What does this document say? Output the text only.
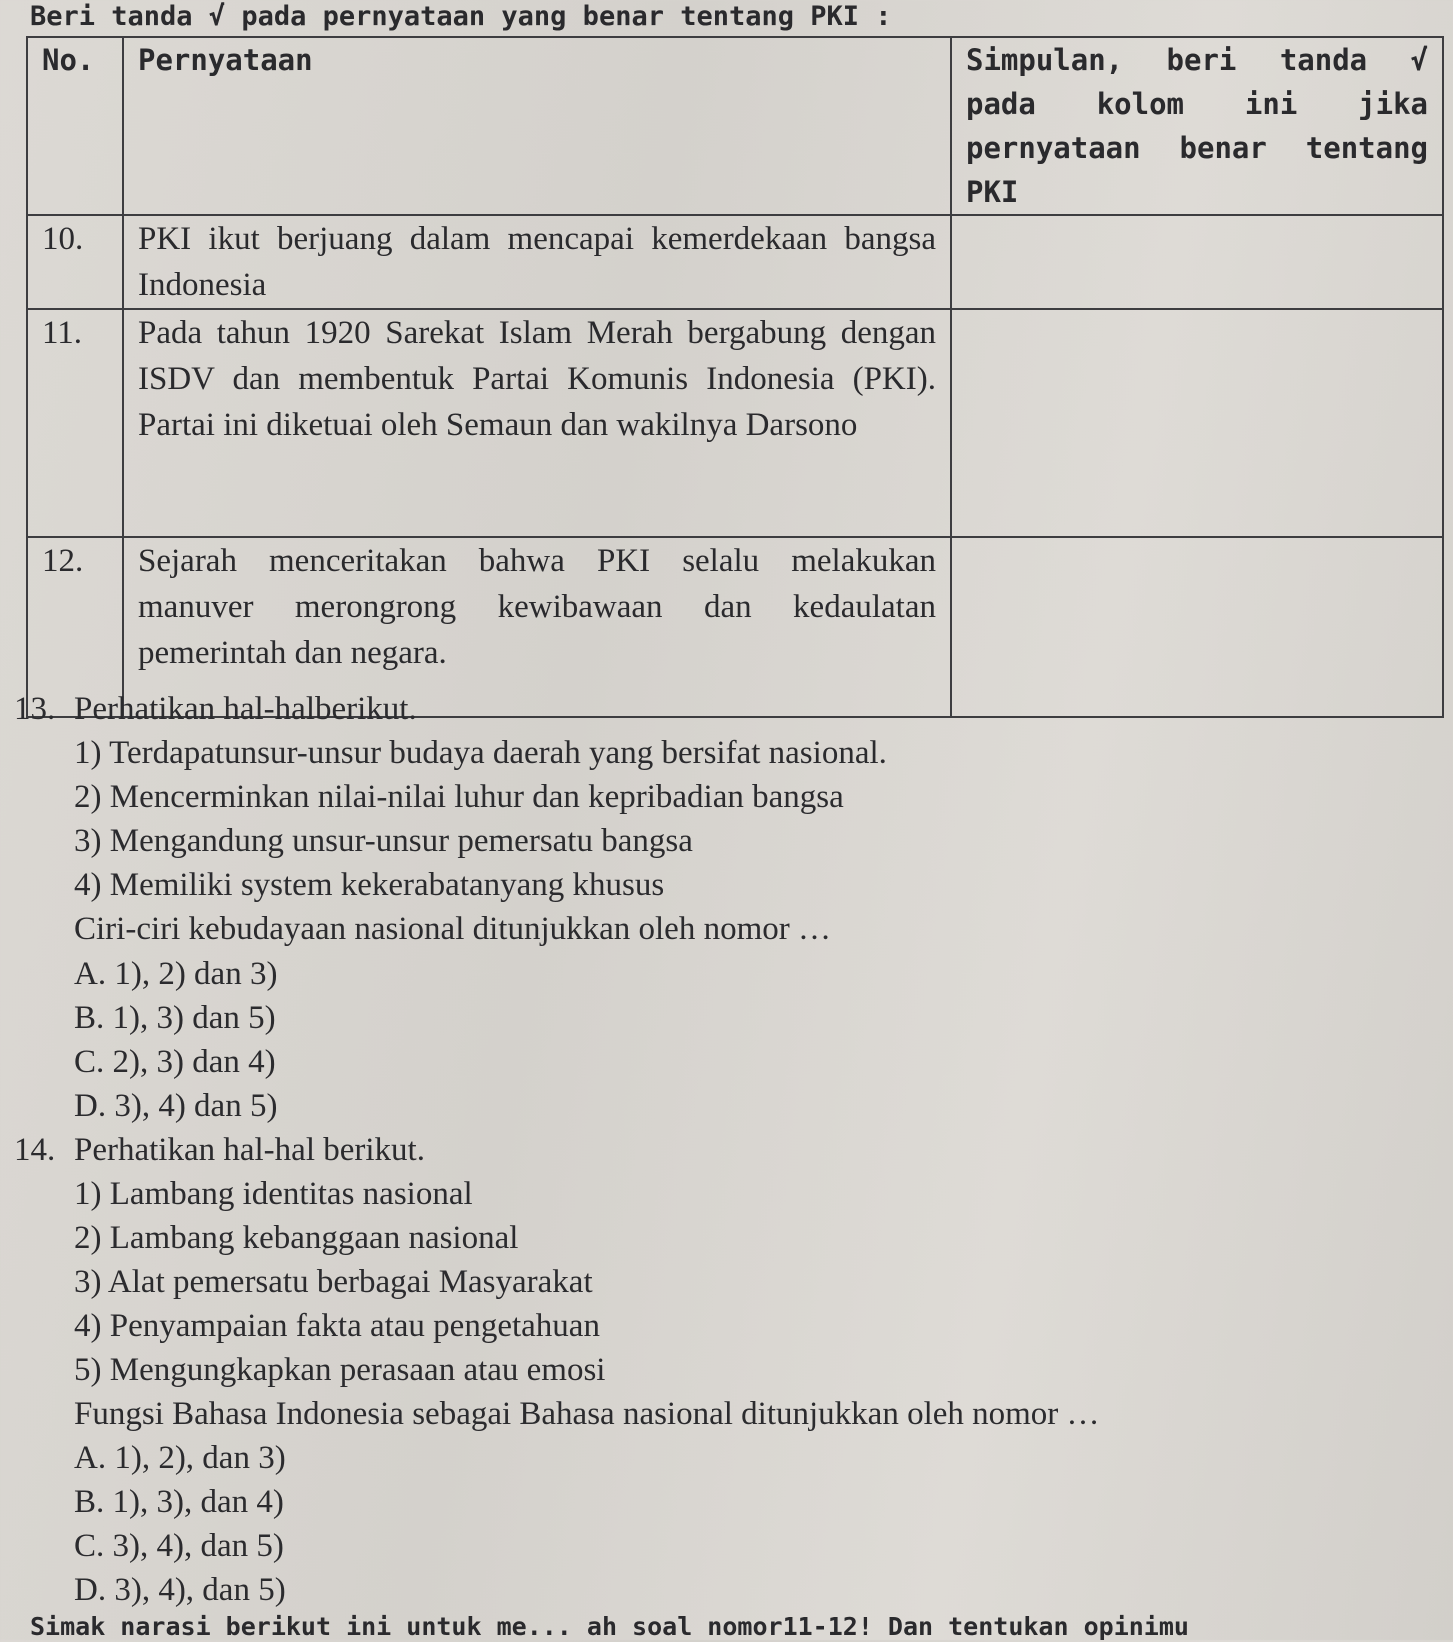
Beri tanda √ pada pernyataan yang benar tentang PKI :
No.	Pernyataan	Simpulan, beri tanda √ pada kolom ini jika pernyataan benar tentang PKI
10.	PKI ikut berjuang dalam mencapai kemerdekaan bangsa Indonesia	
11.	Pada tahun 1920 Sarekat Islam Merah bergabung dengan ISDV dan membentuk Partai Komunis Indonesia (PKI). Partai ini diketuai oleh Semaun dan wakilnya Darsono	
12.	Sejarah menceritakan bahwa PKI selalu melakukan manuver merongrong kewibawaan dan kedaulatan pemerintah dan negara.	
13. Perhatikan hal-halberikut.
1) Terdapatunsur-unsur budaya daerah yang bersifat nasional.
2) Mencerminkan nilai-nilai luhur dan kepribadian bangsa
3) Mengandung unsur-unsur pemersatu bangsa
4) Memiliki system kekerabatanyang khusus
Ciri-ciri kebudayaan nasional ditunjukkan oleh nomor …
A. 1), 2) dan 3)
B. 1), 3) dan 5)
C. 2), 3) dan 4)
D. 3), 4) dan 5)
14. Perhatikan hal-hal berikut.
1) Lambang identitas nasional
2) Lambang kebanggaan nasional
3) Alat pemersatu berbagai Masyarakat
4) Penyampaian fakta atau pengetahuan
5) Mengungkapkan perasaan atau emosi
Fungsi Bahasa Indonesia sebagai Bahasa nasional ditunjukkan oleh nomor …
A. 1), 2), dan 3)
B. 1), 3), dan 4)
C. 3), 4), dan 5)
D. 3), 4), dan 5)
Simak narasi berikut ini untuk me... ah soal nomor11-12! Dan tentukan opinimu
